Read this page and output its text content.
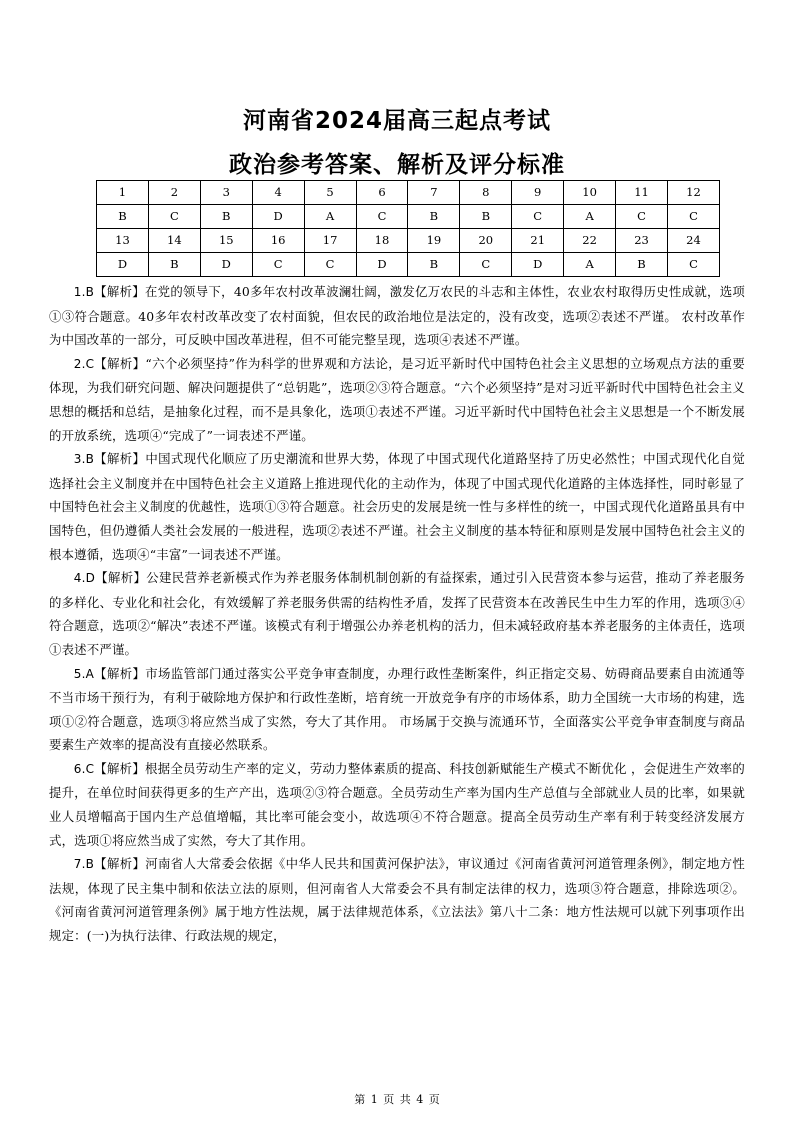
河南省2024届高三起点考试
政治参考答案、解析及评分标准
1	2	3	4	5	6	7	8	9	10	11	12
B	C	B	D	A	C	B	B	C	A	C	C
13	14	15	16	17	18	19	20	21	22	23	24
D	B	D	C	C	D	B	C	D	A	B	C

1.B【解析】在党的领导下，40多年农村改革波澜壮阔，激发亿万农民的斗志和主体性，农业农村取得历史性成就，选项①③符合题意。40多年农村改革改变了农村面貌，但农民的政治地位是法定的，没有改变，选项②表述不严谨。 农村改革作为中国改革的一部分，可反映中国改革进程，但不可能完整呈现，选项④表述不严谨。

2.C【解析】“六个必须坚持”作为科学的世界观和方法论，是习近平新时代中国特色社会主义思想的立场观点方法的重要体现，为我们研究问题、解决问题提供了“总钥匙”，选项②③符合题意。“六个必须坚持”是对习近平新时代中国特色社会主义思想的概括和总结，是抽象化过程，而不是具象化，选项①表述不严谨。习近平新时代中国特色社会主义思想是一个不断发展的开放系统，选项④“完成了”一词表述不严谨。

3.B【解析】中国式现代化顺应了历史潮流和世界大势，体现了中国式现代化道路坚持了历史必然性；中国式现代化自觉选择社会主义制度并在中国特色社会主义道路上推进现代化的主动作为，体现了中国式现代化道路的主体选择性，同时彰显了中国特色社会主义制度的优越性，选项①③符合题意。社会历史的发展是统一性与多样性的统一，中国式现代化道路虽具有中国特色，但仍遵循人类社会发展的一般进程，选项②表述不严谨。社会主义制度的基本特征和原则是发展中国特色社会主义的根本遵循，选项④“丰富”一词表述不严谨。

4.D【解析】公建民营养老新模式作为养老服务体制机制创新的有益探索，通过引入民营资本参与运营，推动了养老服务的多样化、专业化和社会化，有效缓解了养老服务供需的结构性矛盾，发挥了民营资本在改善民生中生力军的作用，选项③④符合题意，选项②“解决”表述不严谨。该模式有利于增强公办养老机构的活力，但未减轻政府基本养老服务的主体责任，选项①表述不严谨。

5.A【解析】市场监管部门通过落实公平竞争审查制度，办理行政性垄断案件，纠正指定交易、妨碍商品要素自由流通等不当市场干预行为，有利于破除地方保护和行政性垄断，培育统一开放竞争有序的市场体系，助力全国统一大市场的构建，选项①②符合题意，选项③将应然当成了实然，夸大了其作用。 市场属于交换与流通环节，全面落实公平竞争审查制度与商品要素生产效率的提高没有直接必然联系。

6.C【解析】根据全员劳动生产率的定义，劳动力整体素质的提高、科技创新赋能生产模式不断优化 ，会促进生产效率的提升，在单位时间获得更多的生产产出，选项②③符合题意。全员劳动生产率为国内生产总值与全部就业人员的比率，如果就业人员增幅高于国内生产总值增幅，其比率可能会变小，故选项④不符合题意。提高全员劳动生产率有利于转变经济发展方式，选项①将应然当成了实然，夸大了其作用。

7.B【解析】河南省人大常委会依据《中华人民共和国黄河保护法》，审议通过《河南省黄河河道管理条例》，制定地方性法规，体现了民主集中制和依法立法的原则，但河南省人大常委会不具有制定法律的权力，选项③符合题意，排除选项②。《河南省黄河河道管理条例》属于地方性法规，属于法律规范体系，《立法法》第八十二条：地方性法规可以就下列事项作出规定：(一)为执行法律、行政法规的规定，

第 1 页 共 4 页
